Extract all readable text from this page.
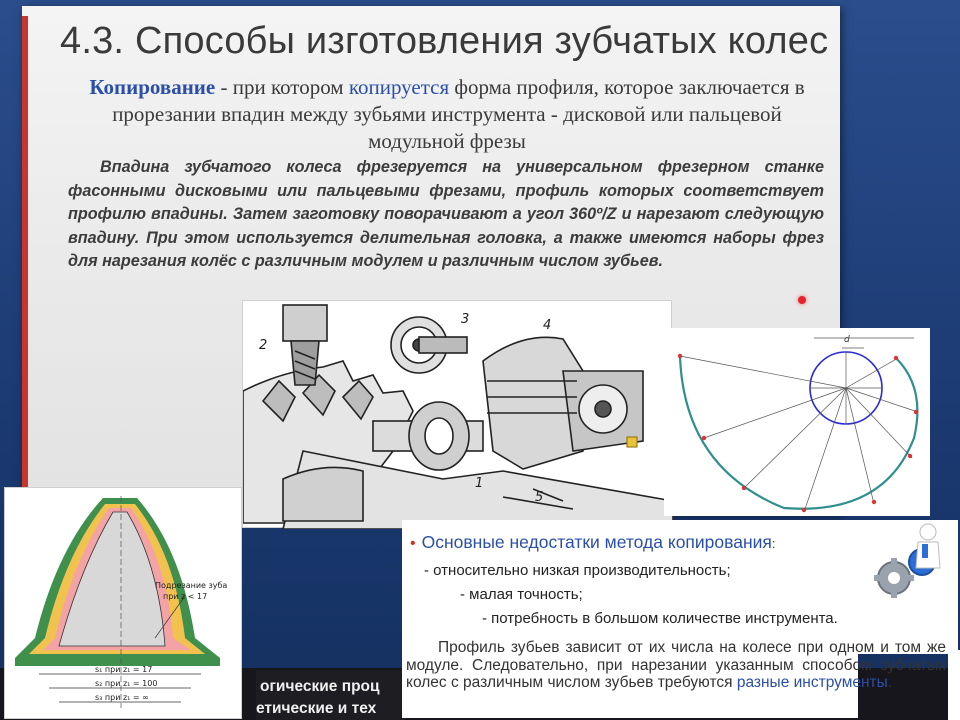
4.3. Способы изготовления зубчатых колес
Копирование - при котором копируется форма профиля, которое заключается в прорезании впадин между зубьями инструмента - дисковой или пальцевой модульной фрезы
Впадина зубчатого колеса фрезеруется на универсальном фрезерном станке фасонными дисковыми или пальцевыми фрезами, профиль которых соответствует профилю впадины. Затем заготовку поворачивают а угол 360º/Z и нарезают следующую впадину. При этом используется делительная головка, а также имеются наборы фрез для нарезания колёс с различным модулем и различным числом зубьев.
2
1
3	4
5
d
Подрезание зуба
при z < 17
s₁ при z₁ = 17
s₂ при z₁ = 100
s₃ при z₁ = ∞
огические проц
етические и тех
• Основные недостатки метода копирования:
- относительно низкая производительность;
- малая точность;
- потребность в большом количестве инструмента.
Профиль зубьев зависит от их числа на колесе при одном и том же модуле. Следовательно, при нарезании указанным способом зубчатых колес с различным числом зубьев требуются разные инструменты.
